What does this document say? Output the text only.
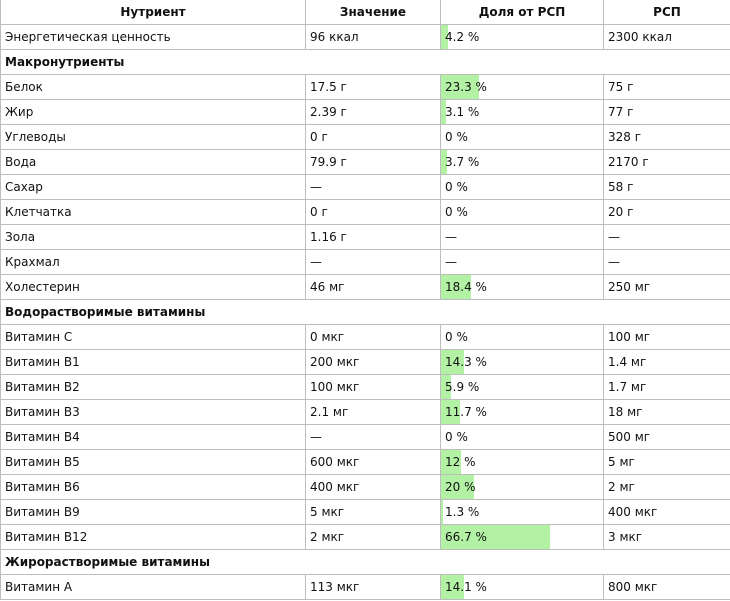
Нутриент	Значение	Доля от РСП	РСП
Энергетическая ценность	96 ккал	4.2 %	2300 ккал
Макронутриенты			
Белок	17.5 г	23.3 %	75 г
Жир	2.39 г	3.1 %	77 г
Углеводы	0 г	0 %	328 г
Вода	79.9 г	3.7 %	2170 г
Сахар	—	0 %	58 г
Клетчатка	0 г	0 %	20 г
Зола	1.16 г	—	—
Крахмал	—	—	—
Холестерин	46 мг	18.4 %	250 мг
Водорастворимые витамины			
Витамин C	0 мкг	0 %	100 мг
Витамин B1	200 мкг	14.3 %	1.4 мг
Витамин B2	100 мкг	5.9 %	1.7 мг
Витамин B3	2.1 мг	11.7 %	18 мг
Витамин B4	—	0 %	500 мг
Витамин B5	600 мкг	12 %	5 мг
Витамин B6	400 мкг	20 %	2 мг
Витамин B9	5 мкг	1.3 %	400 мкг
Витамин B12	2 мкг	66.7 %	3 мкг
Жирорастворимые витамины			
Витамин A	113 мкг	14.1 %	800 мкг
